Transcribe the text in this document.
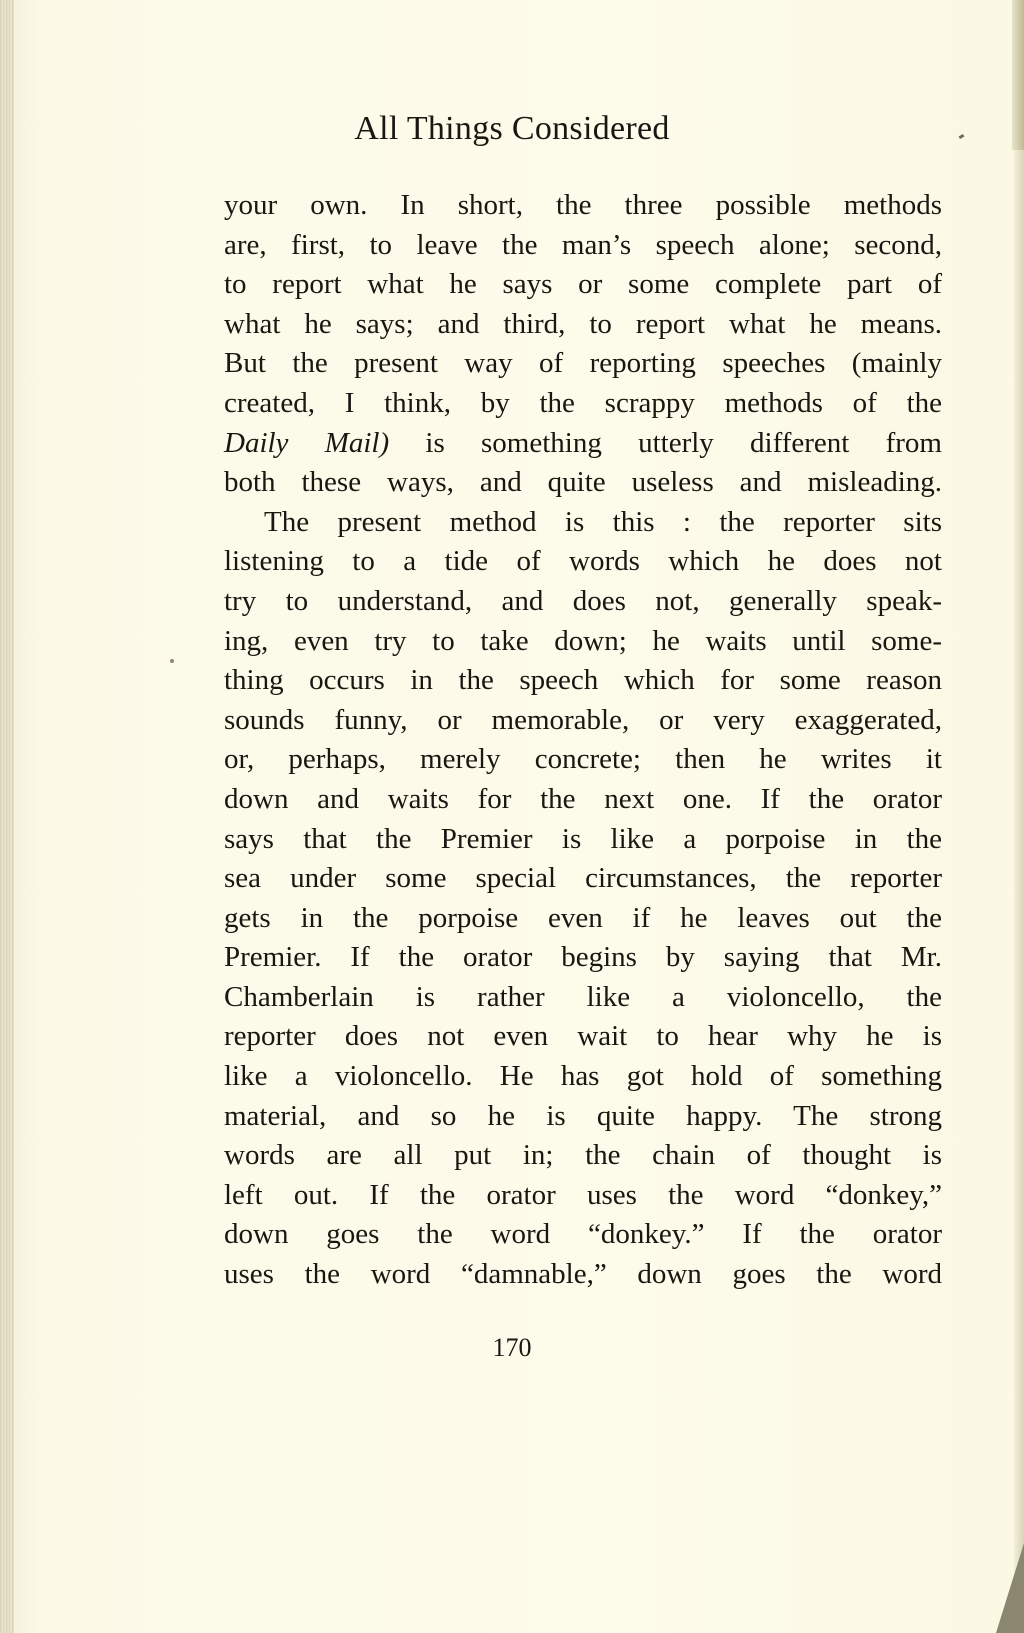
All Things Considered
your own. In short, the three possible methods
are, first, to leave the man’s speech alone; second,
to report what he says or some complete part of
what he says; and third, to report what he means.
But the present way of reporting speeches (mainly
created, I think, by the scrappy methods of the
Daily Mail) is something utterly different from
both these ways, and quite useless and misleading.
The present method is this : the reporter sits
listening to a tide of words which he does not
try to understand, and does not, generally speak-
ing, even try to take down; he waits until some-
thing occurs in the speech which for some reason
sounds funny, or memorable, or very exaggerated,
or, perhaps, merely concrete; then he writes it
down and waits for the next one. If the orator
says that the Premier is like a porpoise in the
sea under some special circumstances, the reporter
gets in the porpoise even if he leaves out the
Premier. If the orator begins by saying that Mr.
Chamberlain is rather like a violoncello, the
reporter does not even wait to hear why he is
like a violoncello. He has got hold of something
material, and so he is quite happy. The strong
words are all put in; the chain of thought is
left out. If the orator uses the word “donkey,”
down goes the word “donkey.” If the orator
uses the word “damnable,” down goes the word

170
